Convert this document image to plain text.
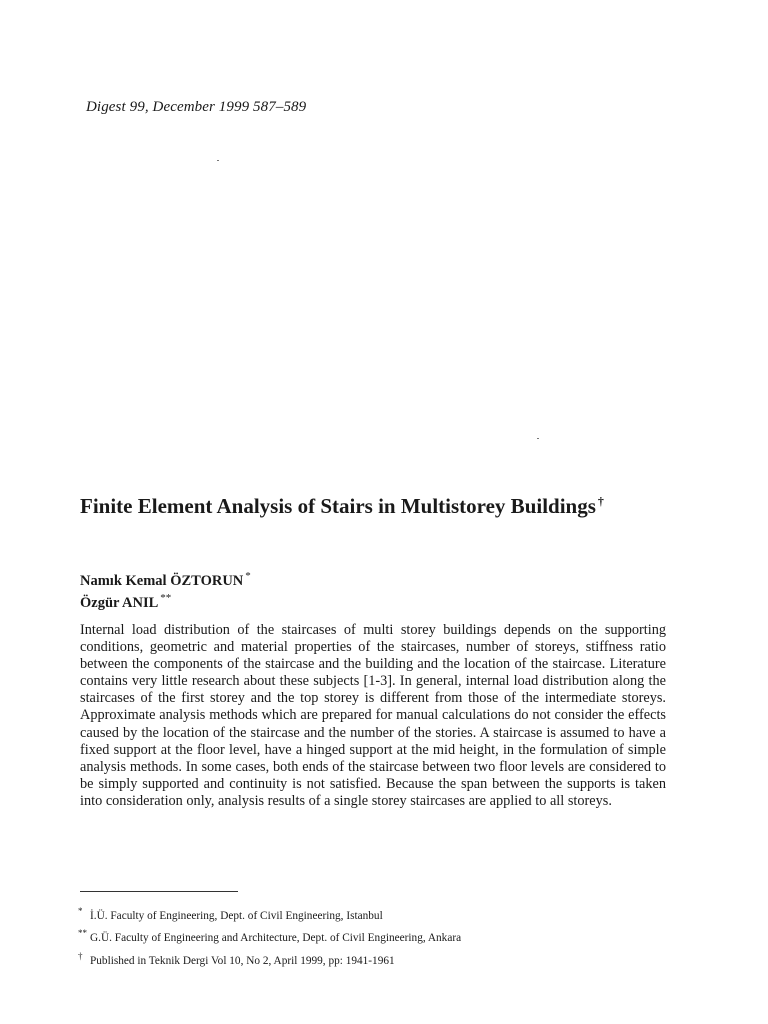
Digest 99, December 1999 587–589
Finite Element Analysis of Stairs in Multistorey Buildings †
Namık Kemal ÖZTORUN *
Özgür ANIL **

Internal load distribution of the staircases of multi storey buildings depends on the supporting conditions, geometric and material properties of the staircases, number of storeys, stiffness ratio between the components of the staircase and the building and the location of the staircase. Literature contains very little research about these subjects [1-3]. In general, internal load distribution along the staircases of the first storey and the top storey is different from those of the intermediate storeys. Approximate analysis methods which are prepared for manual calculations do not consider the effects caused by the location of the staircase and the number of the stories. A staircase is assumed to have a fixed support at the floor level, have a hinged support at the mid height, in the formulation of simple analysis methods. In some cases, both ends of the staircase between two floor levels are considered to be simply supported and continuity is not satisfied. Because the span between the supports is taken into consideration only, analysis results of a single storey staircases are applied to all storeys.

* İ.Ü. Faculty of Engineering, Dept. of Civil Engineering, Istanbul
** G.Ü. Faculty of Engineering and Architecture, Dept. of Civil Engineering, Ankara
† Published in Teknik Dergi Vol 10, No 2, April 1999, pp: 1941-1961
